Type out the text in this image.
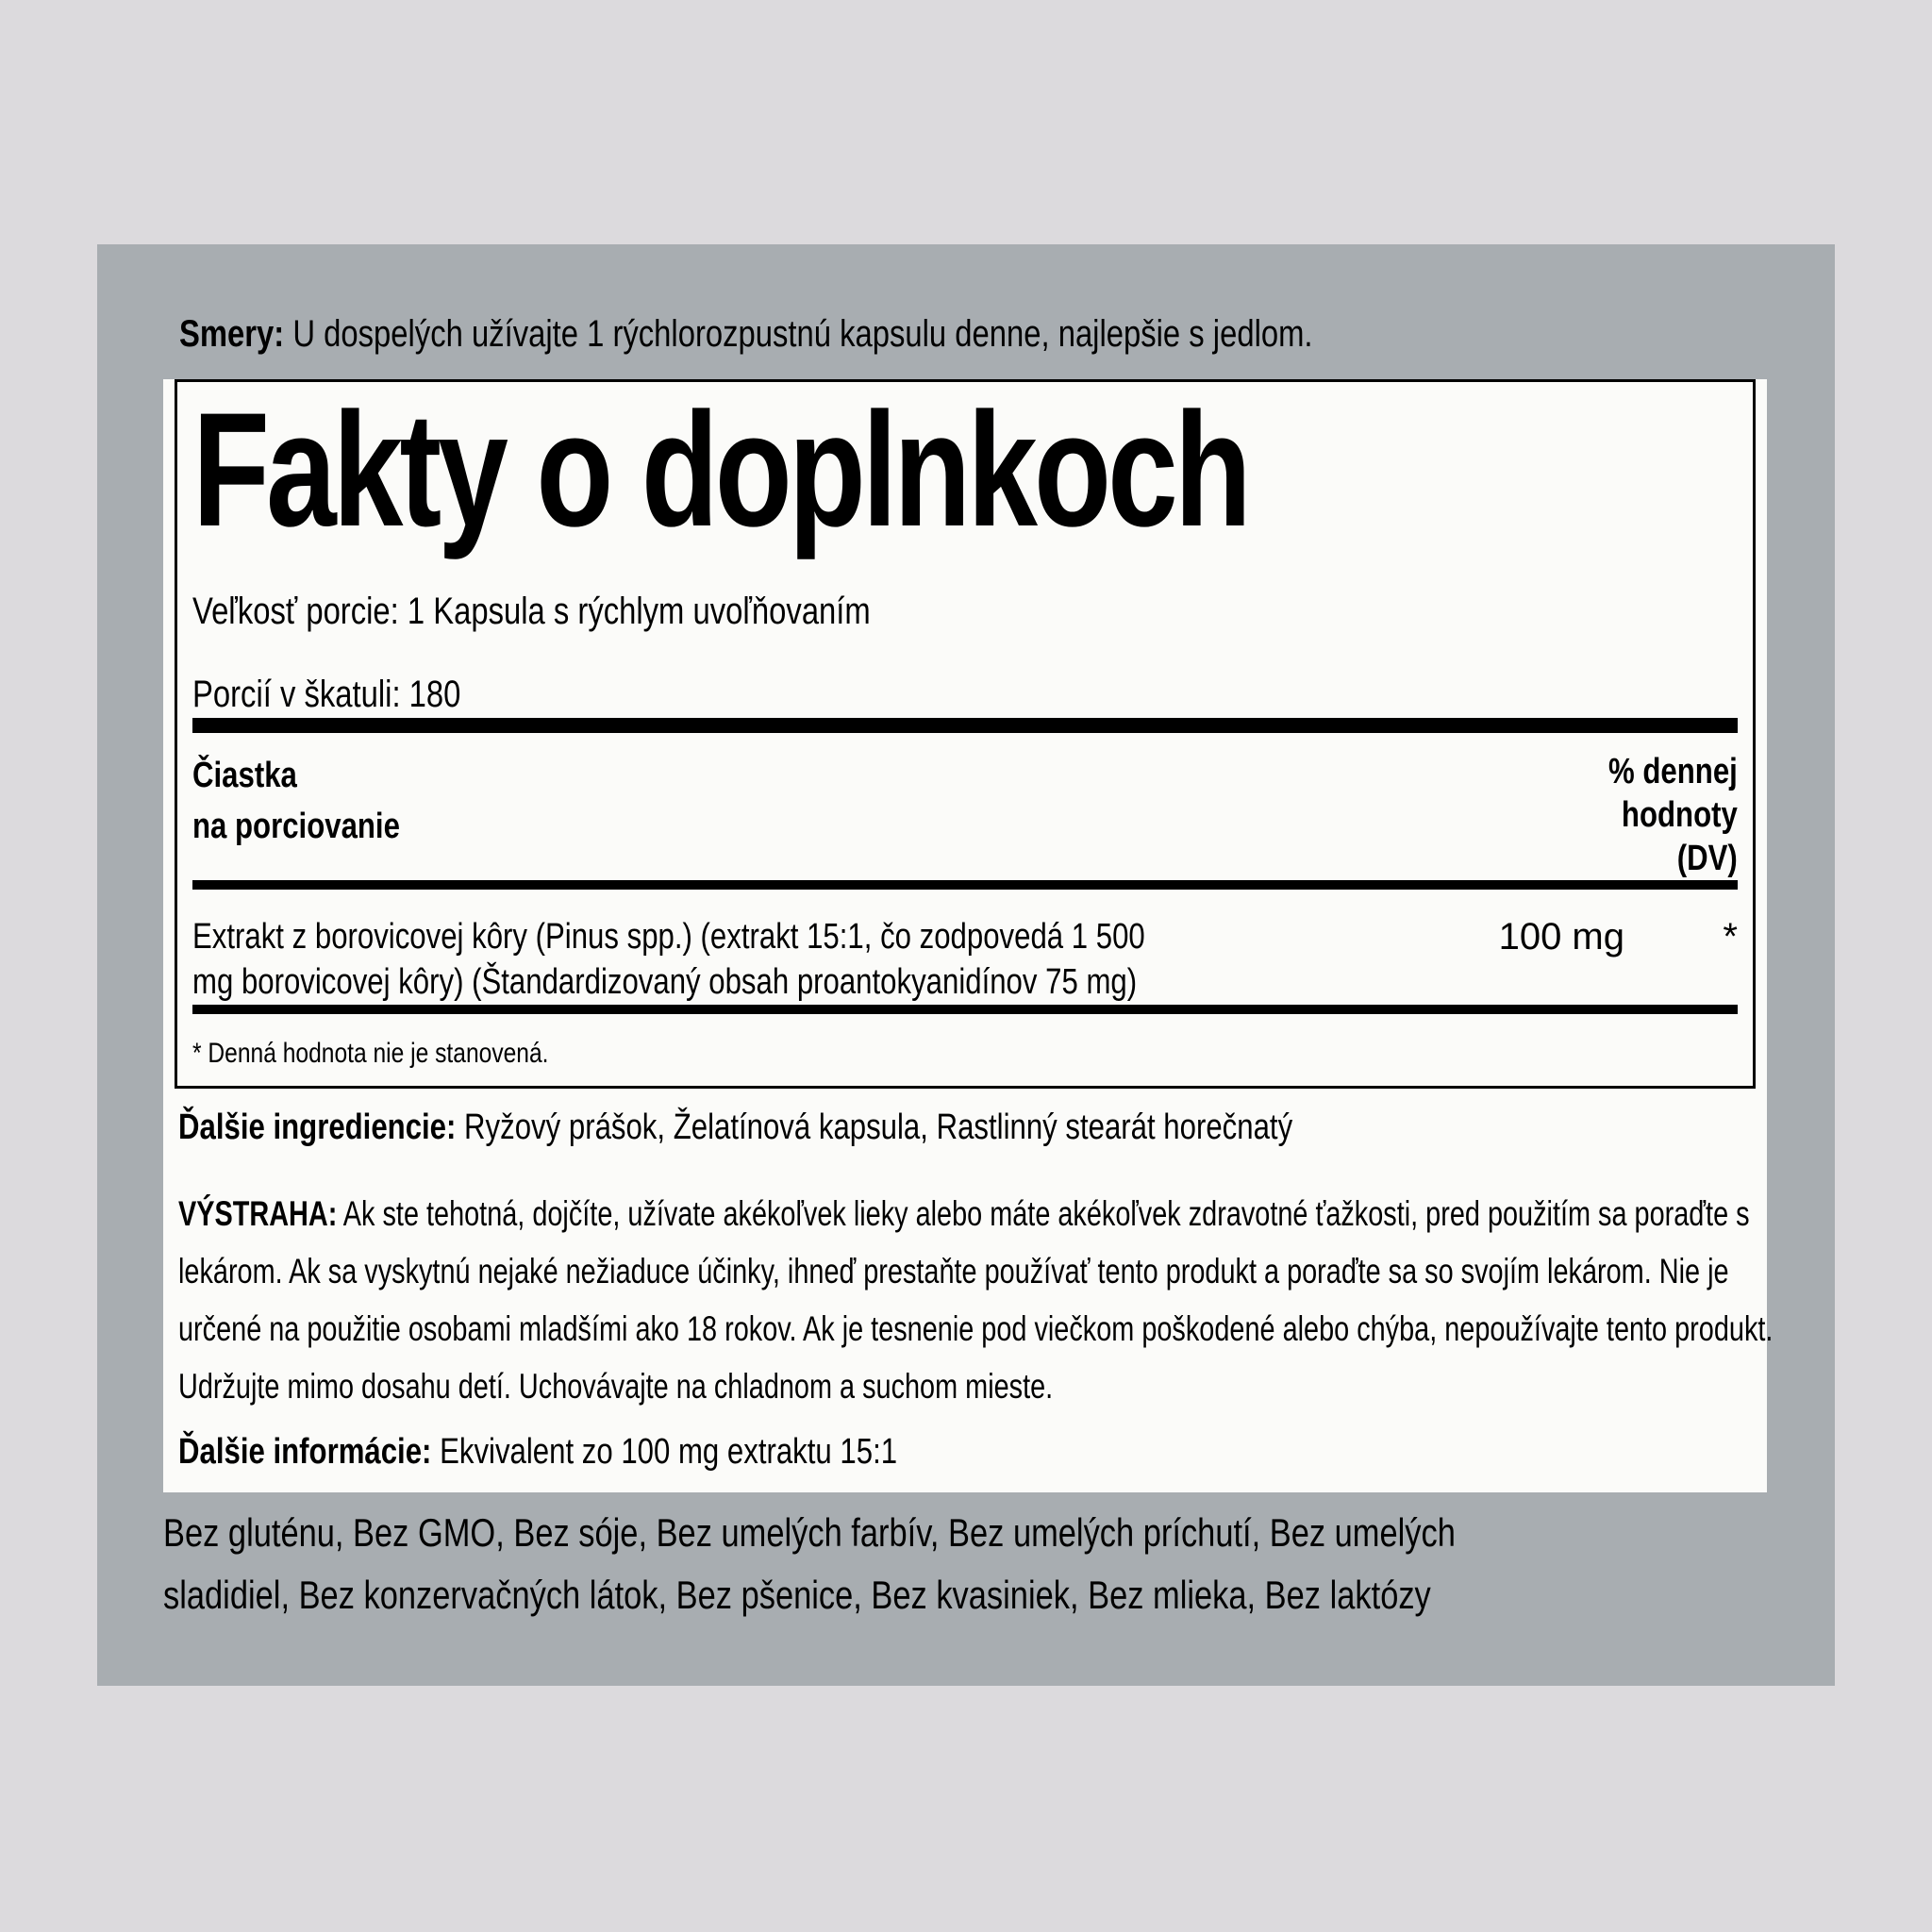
Smery: U dospelých užívajte 1 rýchlorozpustnú kapsulu denne, najlepšie s jedlom.

Fakty o doplnkoch

Veľkosť porcie: 1 Kapsula s rýchlym uvoľňovaním

Porcií v škatuli: 180

Čiastka
na porciovanie
% dennej
hodnoty
(DV)
Extrakt z borovicovej kôry (Pinus spp.) (extrakt 15:1, čo zodpovedá 1 500 mg borovicovej kôry) (Štandardizovaný obsah proantokyanidínov 75 mg)
100 mg	*

* Denná hodnota nie je stanovená.

Ďalšie ingrediencie: Ryžový prášok, Želatínová kapsula, Rastlinný stearát horečnatý

VÝSTRAHA: Ak ste tehotná, dojčíte, užívate akékoľvek lieky alebo máte akékoľvek zdravotné ťažkosti, pred použitím sa poraďte s lekárom. Ak sa vyskytnú nejaké nežiaduce účinky, ihneď prestaňte používať tento produkt a poraďte sa so svojím lekárom. Nie je určené na použitie osobami mladšími ako 18 rokov. Ak je tesnenie pod viečkom poškodené alebo chýba, nepoužívajte tento produkt. Udržujte mimo dosahu detí. Uchovávajte na chladnom a suchom mieste.

Ďalšie informácie: Ekvivalent zo 100 mg extraktu 15:1

Bez gluténu, Bez GMO, Bez sóje, Bez umelých farbív, Bez umelých príchutí, Bez umelých sladidiel, Bez konzervačných látok, Bez pšenice, Bez kvasiniek, Bez mlieka, Bez laktózy
